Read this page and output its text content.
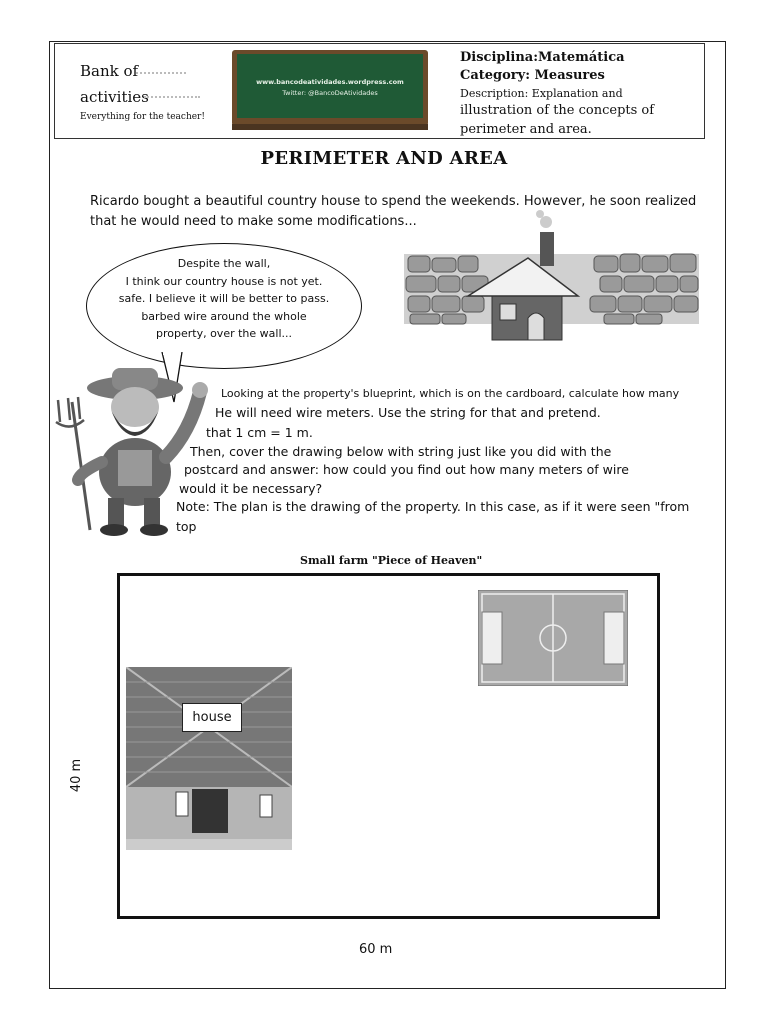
Bank of
activities
Everything for the teacher!
www.bancodeatividades.wordpress.com
Twitter: @BancoDeAtividades
Disciplina:Matemática
Category: Measures
Description: Explanation and
illustration of the concepts of
perimeter and area.
PERIMETER AND AREA
Ricardo bought a beautiful country house to spend the weekends. However, he soon realized
that he would need to make some modifications...
Despite the wall,
I think our country house is not yet.
safe. I believe it will be better to pass.
barbed wire around the whole
property, over the wall...
Looking at the property's blueprint, which is on the cardboard, calculate how many
He will need wire meters. Use the string for that and pretend.
that 1 cm = 1 m.
Then, cover the drawing below with string just like you did with the
postcard and answer: how could you find out how many meters of wire
would it be necessary?
Note: The plan is the drawing of the property. In this case, as if it were seen "from
top
Small farm "Piece of Heaven"
house
40 m
60 m
